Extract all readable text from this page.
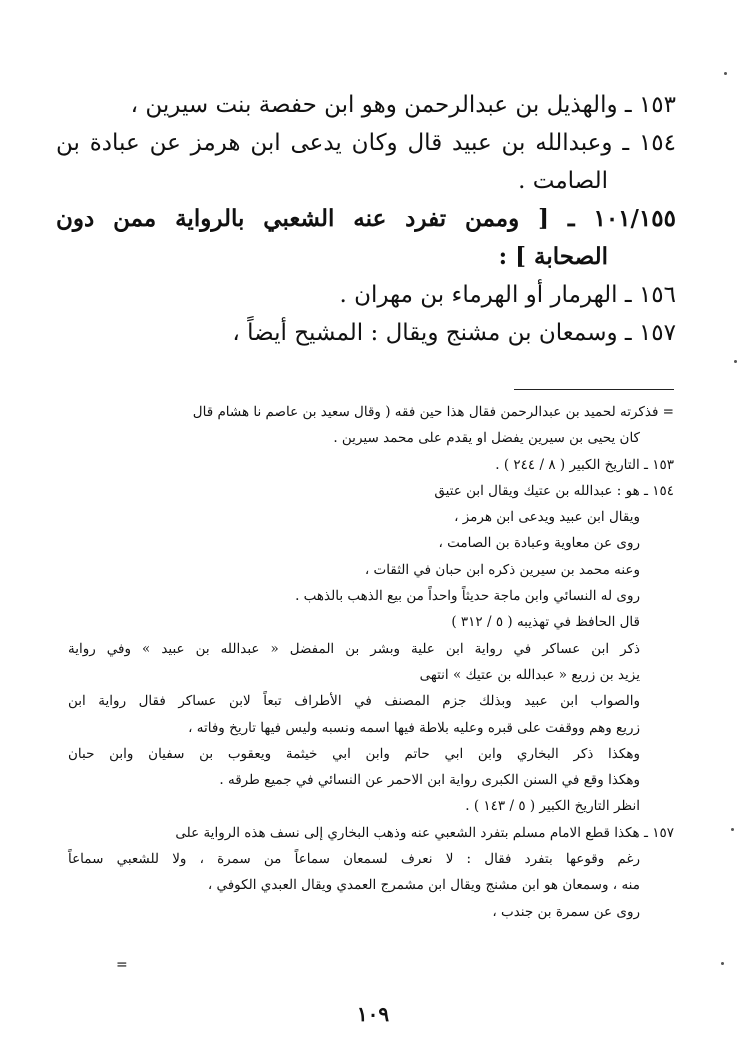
١٥٣ ـ والهذيل بن عبدالرحمن وهو ابن حفصة بنت سيرين ،
١٥٤ ـ وعبدالله بن عبيد قال وكان يدعى ابن هرمز عن عبادة بن
الصامت .
١٠١/١٥٥ ـ [ وممن تفرد عنه الشعبي بالرواية ممن دون
الصحابة ] :
١٥٦ ـ الهرمار أو الهرماء بن مهران .
١٥٧ ـ وسمعان بن مشنج ويقال : المشيح أيضاً ،
= فذكرته لحميد بن عبدالرحمن فقال هذا حين فقه ( وقال سعيد بن عاصم نا هشام قال
كان يحيى بن سيرين يفضل او يقدم على محمد سيرين .
١٥٣ ـ التاريخ الكبير ( ٨ / ٢٤٤ ) .
١٥٤ ـ هو : عبدالله بن عتيك ويقال ابن عتيق
ويقال ابن عبيد ويدعى ابن هرمز ،
روى عن معاوية وعبادة بن الصامت ،
وعنه محمد بن سيرين ذكره ابن حبان في الثقات ،
روى له النسائي وابن ماجة حديثاً واحداً من بيع الذهب بالذهب .
قال الحافظ في تهذيبه ( ٥ / ٣١٢ )
ذكر ابن عساكر في رواية ابن علية وبشر بن المفضل « عبدالله بن عبيد » وفي رواية
يزيد بن زريع « عبدالله بن عتيك » انتهى
والصواب ابن عبيد وبذلك جزم المصنف في الأطراف تبعاً لابن عساكر فقال رواية ابن
زريع وهم ووقفت على قبره وعليه بلاطة فيها اسمه ونسبه وليس فيها تاريخ وفاته ،
وهكذا ذكر البخاري وابن ابي حاتم وابن ابي خيثمة ويعقوب بن سفيان وابن حبان
وهكذا وقع في السنن الكبرى رواية ابن الاحمر عن النسائي في جميع طرقه .
انظر التاريخ الكبير ( ٥ / ١٤٣ ) .
١٥٧ ـ هكذا قطع الامام مسلم بتفرد الشعبي عنه وذهب البخاري إلى نسف هذه الرواية على
رغم وقوعها بتفرد فقال : لا نعرف لسمعان سماعاً من سمرة ، ولا للشعبي سماعاً
منه ، وسمعان هو ابن مشنج ويقال ابن مشمرج العمدي ويقال العبدي الكوفي ،
روى عن سمرة بن جندب ،
=
١٠٩
